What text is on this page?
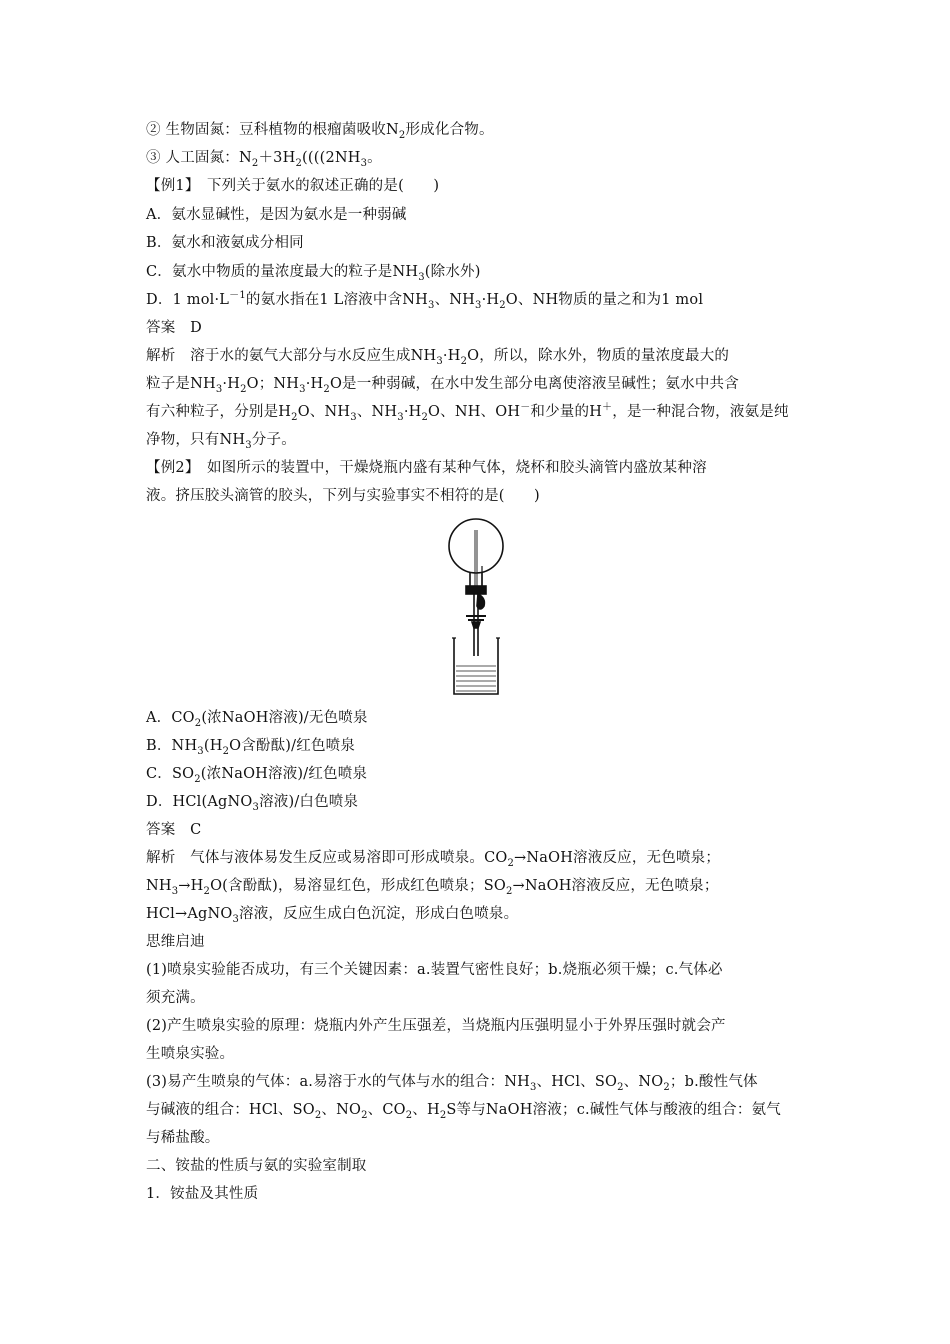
② 生物固氮：豆科植物的根瘤菌吸收$N_2$形成化合物。
③ 人工固氮：$N_2+3H_2((((2NH_3$。
【例1】　下列关于氨水的叙述正确的是(　　)
A．氨水显碱性，是因为氨水是一种弱碱
B．氨水和液氨成分相同
C．氨水中物质的量浓度最大的粒子是$NH_3$(除水外)
D．1 $mol\cdot L^{-1}$的氨水指在1 L溶液中含$NH_3$、$NH_3\cdot H_2O$、NH物质的量之和为1 mol
答案　D
解析　溶于水的氨气大部分与水反应生成$NH_3\cdot H_2O$，所以，除水外，物质的量浓度最大的
粒子是$NH_3\cdot H_2O$；$NH_3\cdot H_2O$是一种弱碱，在水中发生部分电离使溶液呈碱性；氨水中共含
有六种粒子，分别是$H_2O$、$NH_3$、$NH_3\cdot H_2O$、NH、OH－和少量的H＋，是一种混合物，液氨是纯
净物，只有$NH_3$分子。
【例2】　如图所示的装置中，干燥烧瓶内盛有某种气体，烧杯和胶头滴管内盛放某种溶
液。挤压胶头滴管的胶头，下列与实验事实不相符的是(　　)
A．$CO_2$(浓NaOH溶液)/无色喷泉
B．$NH_3(H_2O$含酚酞)/红色喷泉
C．$SO_2$(浓NaOH溶液)/红色喷泉
D．HCl(AgNO$_3$溶液)/白色喷泉
答案　C
解析　气体与液体易发生反应或易溶即可形成喷泉。$CO_2\to NaOH$溶液反应，无色喷泉；
$NH_3\to H_2O$(含酚酞)，易溶显红色，形成红色喷泉；$SO_2\to NaOH$溶液反应，无色喷泉；
HCl→AgNO$_3$溶液，反应生成白色沉淀，形成白色喷泉。
思维启迪
(1)喷泉实验能否成功，有三个关键因素：a.装置气密性良好；b.烧瓶必须干燥；c.气体必
须充满。
(2)产生喷泉实验的原理：烧瓶内外产生压强差，当烧瓶内压强明显小于外界压强时就会产
生喷泉实验。
(3)易产生喷泉的气体：a.易溶于水的气体与水的组合：$NH_3$、HCl、$SO_2$、$NO_2$；b.酸性气体
与碱液的组合：HCl、$SO_2$、$NO_2$、$CO_2$、$H_2S$等与NaOH溶液；c.碱性气体与酸液的组合：氨气
与稀盐酸。
二、铵盐的性质与氨的实验室制取
1．铵盐及其性质
